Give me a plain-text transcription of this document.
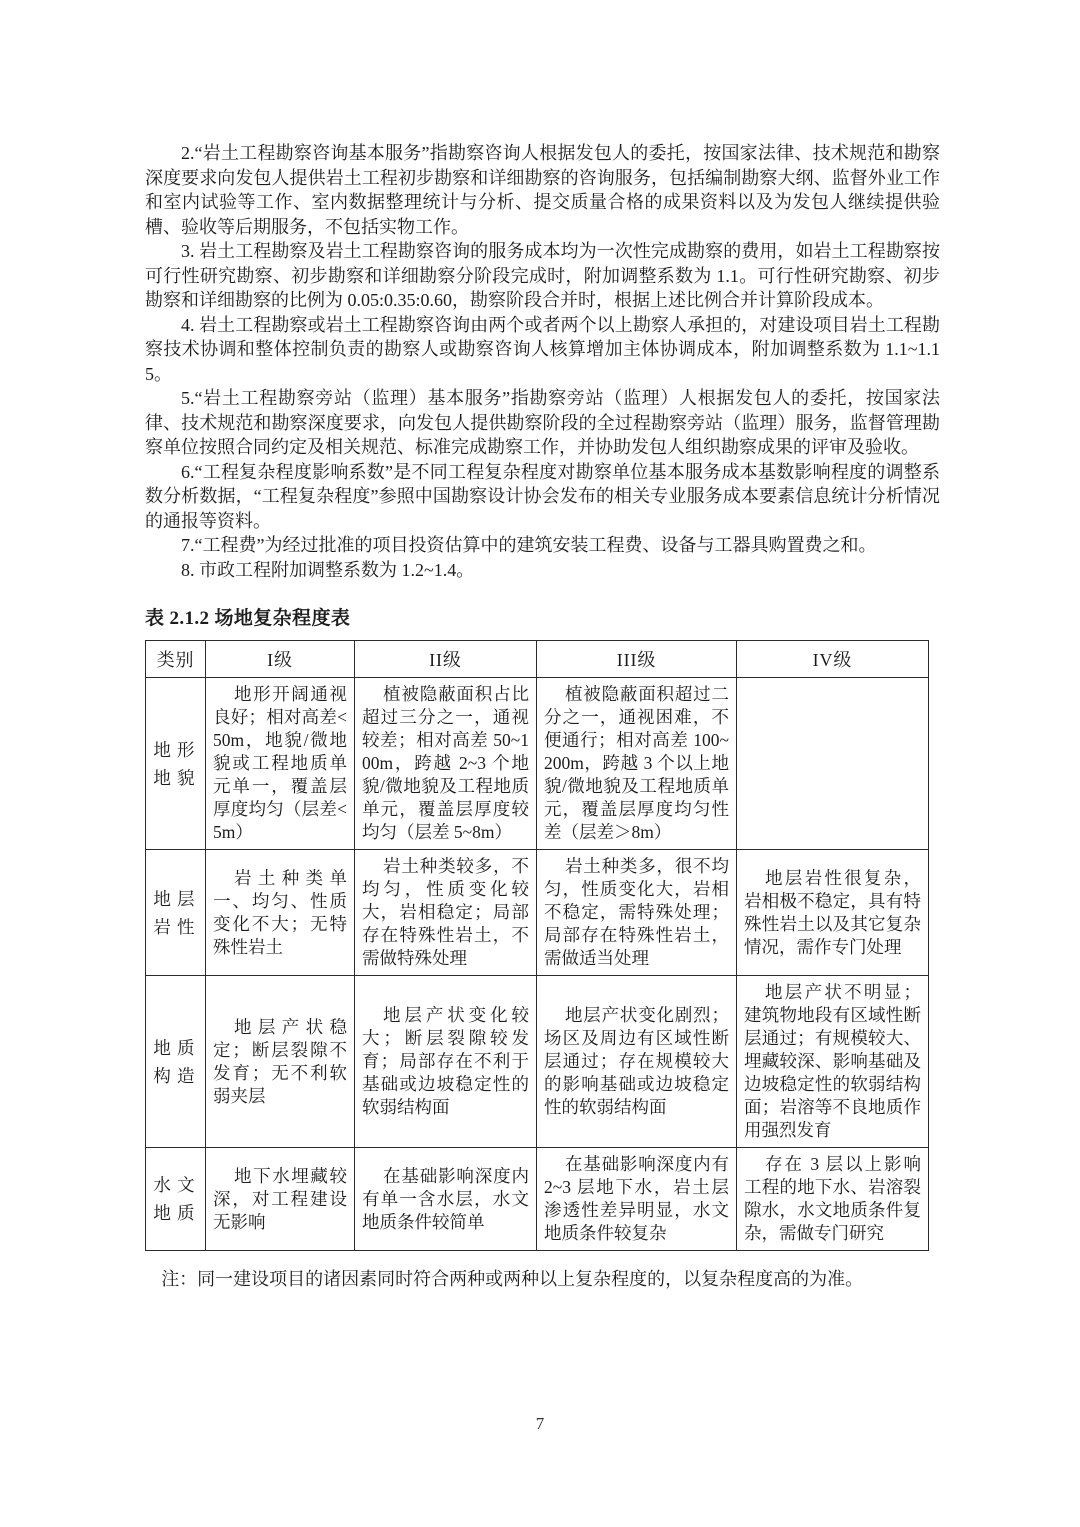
2.“岩土工程勘察咨询基本服务”指勘察咨询人根据发包人的委托，按国家法律、技术规范和勘察深度要求向发包人提供岩土工程初步勘察和详细勘察的咨询服务，包括编制勘察大纲、监督外业工作和室内试验等工作、室内数据整理统计与分析、提交质量合格的成果资料以及为发包人继续提供验槽、验收等后期服务，不包括实物工作。

3. 岩土工程勘察及岩土工程勘察咨询的服务成本均为一次性完成勘察的费用，如岩土工程勘察按可行性研究勘察、初步勘察和详细勘察分阶段完成时，附加调整系数为 1.1。可行性研究勘察、初步勘察和详细勘察的比例为 0.05:0.35:0.60，勘察阶段合并时，根据上述比例合并计算阶段成本。

4. 岩土工程勘察或岩土工程勘察咨询由两个或者两个以上勘察人承担的，对建设项目岩土工程勘察技术协调和整体控制负责的勘察人或勘察咨询人核算增加主体协调成本，附加调整系数为 1.1~1.15。

5.“岩土工程勘察旁站（监理）基本服务”指勘察旁站（监理）人根据发包人的委托，按国家法律、技术规范和勘察深度要求，向发包人提供勘察阶段的全过程勘察旁站（监理）服务，监督管理勘察单位按照合同约定及相关规范、标准完成勘察工作，并协助发包人组织勘察成果的评审及验收。

6.“工程复杂程度影响系数”是不同工程复杂程度对勘察单位基本服务成本基数影响程度的调整系数分析数据，“工程复杂程度”参照中国勘察设计协会发布的相关专业服务成本要素信息统计分析情况的通报等资料。

7.“工程费”为经过批准的项目投资估算中的建筑安装工程费、设备与工器具购置费之和。

8. 市政工程附加调整系数为 1.2~1.4。

表 2.1.2 场地复杂程度表
类别	I级	II级	III级	IV级
地形地貌	地形开阔通视良好；相对高差<50m，地貌/微地貌或工程地质单元单一，覆盖层厚度均匀（层差<5m）	植被隐蔽面积占比超过三分之一，通视较差；相对高差 50~100m，跨越 2~3 个地貌/微地貌及工程地质单元，覆盖层厚度较均匀（层差 5~8m）	植被隐蔽面积超过二分之一，通视困难，不便通行；相对高差 100~200m，跨越 3 个以上地貌/微地貌及工程地质单元，覆盖层厚度均匀性差（层差＞8m）	
地层岩性	岩土种类单一、均匀、性质变化不大；无特殊性岩土	岩土种类较多，不均匀，性质变化较大，岩相稳定；局部存在特殊性岩土，不需做特殊处理	岩土种类多，很不均匀，性质变化大，岩相不稳定，需特殊处理；局部存在特殊性岩土，需做适当处理	地层岩性很复杂，岩相极不稳定，具有特殊性岩土以及其它复杂情况，需作专门处理
地质构造	地层产状稳定；断层裂隙不发育；无不利软弱夹层	地层产状变化较大；断层裂隙较发育；局部存在不利于基础或边坡稳定性的软弱结构面	地层产状变化剧烈；场区及周边有区域性断层通过；存在规模较大的影响基础或边坡稳定性的软弱结构面	地层产状不明显；建筑物地段有区域性断层通过；有规模较大、埋藏较深、影响基础及边坡稳定性的软弱结构面；岩溶等不良地质作用强烈发育
水文地质	地下水埋藏较深，对工程建设无影响	在基础影响深度内有单一含水层，水文地质条件较简单	在基础影响深度内有 2~3 层地下水，岩土层渗透性差异明显，水文地质条件较复杂	存在 3 层以上影响工程的地下水、岩溶裂隙水，水文地质条件复杂，需做专门研究

注：同一建设项目的诸因素同时符合两种或两种以上复杂程度的，以复杂程度高的为准。

7
